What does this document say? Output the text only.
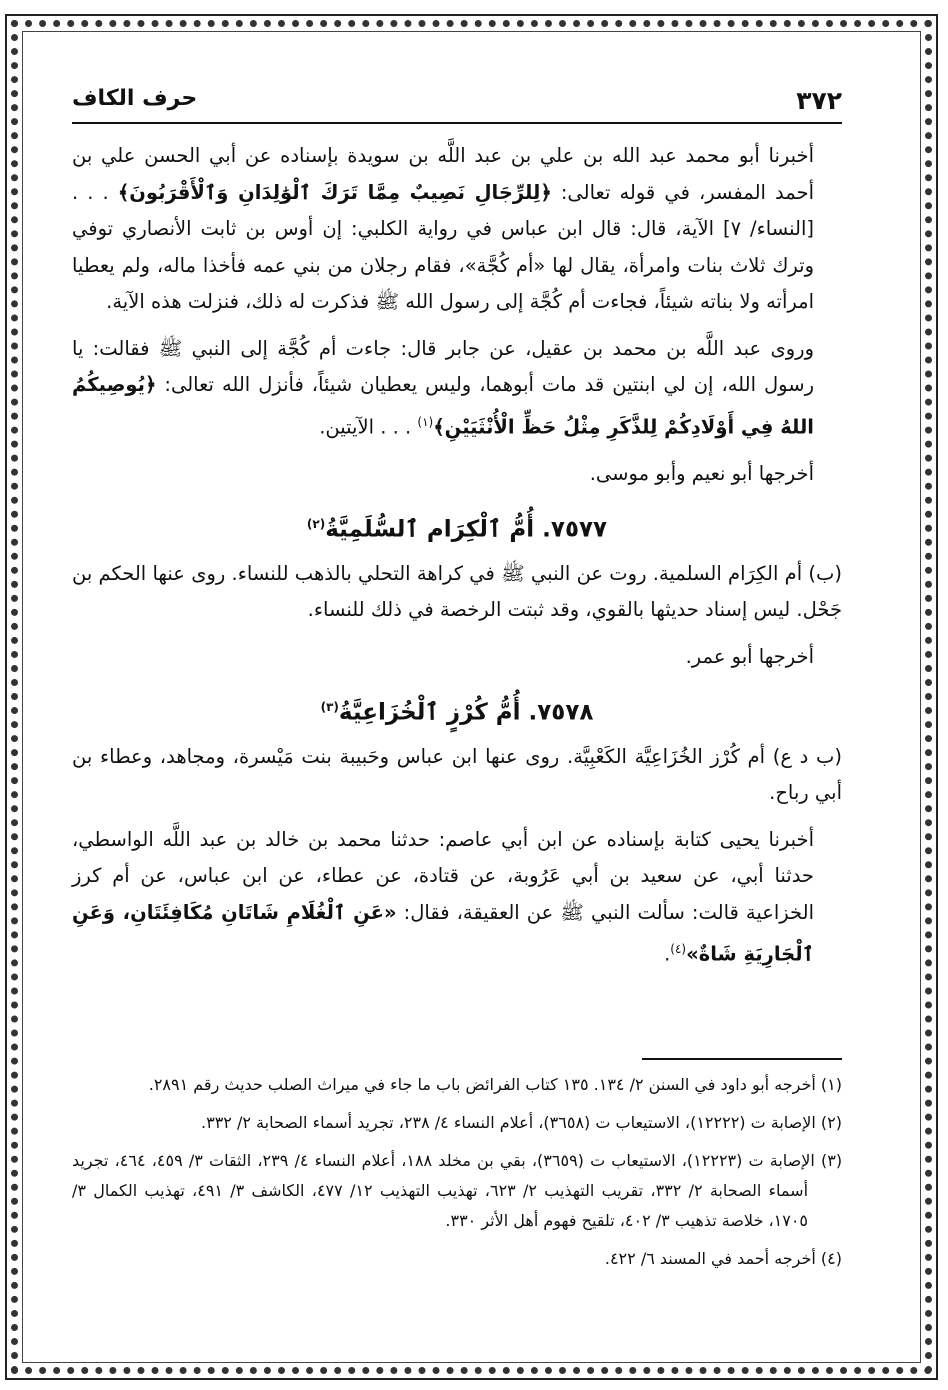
٣٧٢
حرف الكاف

أخبرنا أبو محمد عبد الله بن علي بن عبد اللَّه بن سويدة بإسناده عن أبي الحسن علي بن أحمد المفسر، في قوله تعالى: ﴿لِلرِّجَالِ نَصِيبٌ مِمَّا تَرَكَ ٱلْوَٰلِدَانِ وَٱلْأَقْرَبُونَ﴾ . . . [النساء/ ٧] الآية، قال: قال ابن عباس في رواية الكلبي: إن أوس بن ثابت الأنصاري توفي وترك ثلاث بنات وامرأة، يقال لها «أم كُجَّة»، فقام رجلان من بني عمه فأخذا ماله، ولم يعطيا امرأته ولا بناته شيئاً، فجاءت أم كُجَّة إلى رسول الله ﷺ فذكرت له ذلك، فنزلت هذه الآية.

وروى عبد اللَّه بن محمد بن عقيل، عن جابر قال: جاءت أم كُجَّة إلى النبي ﷺ فقالت: يا رسول الله، إن لي ابنتين قد مات أبوهما، وليس يعطيان شيئاً، فأنزل الله تعالى: ﴿يُوصِيكُمُ اللهُ فِي أَوْلَادِكُمْ لِلذَّكَرِ مِثْلُ حَظِّ الْأُنْثَيَيْنِ﴾$^{(١)}$ . . . الآيتين.

أخرجها أبو نعيم وأبو موسى.

٧٥٧٧. أُمُّ ٱلْكِرَام ٱلسُّلَمِيَّةُ$^{(٢)}$

(ب) أم الكِرَام السلمية. روت عن النبي ﷺ في كراهة التحلي بالذهب للنساء. روى عنها الحكم بن جَحْل. ليس إسناد حديثها بالقوي، وقد ثبتت الرخصة في ذلك للنساء.

أخرجها أبو عمر.

٧٥٧٨. أُمُّ كُرْزٍ ٱلْخُزَاعِيَّةُ$^{(٣)}$

(ب د ع) أم كُرْز الخُزَاعِيَّة الكَعْبِيَّة. روى عنها ابن عباس وحَبيبة بنت مَيْسرة، ومجاهد، وعطاء بن أبي رباح.

أخبرنا يحيى كتابة بإسناده عن ابن أبي عاصم: حدثنا محمد بن خالد بن عبد اللَّه الواسطي، حدثنا أبي، عن سعيد بن أبي عَرُوبة، عن قتادة، عن عطاء، عن ابن عباس، عن أم كرز الخزاعية قالت: سألت النبي ﷺ عن العقيقة، فقال: «عَنِ ٱلْغُلَامِ شَاتَانِ مُكَافِئَتَانِ، وَعَنِ ٱلْجَارِيَةِ شَاةٌ»$^{(٤)}$.

(١) أخرجه أبو داود في السنن ٢/ ١٣٤. ١٣٥ كتاب الفرائض باب ما جاء في ميراث الصلب حديث رقم ٢٨٩١.

(٢) الإصابة ت (١٢٢٢٢)، الاستيعاب ت (٣٦٥٨)، أعلام النساء ٤/ ٢٣٨، تجريد أسماء الصحابة ٢/ ٣٣٢.

(٣) الإصابة ت (١٢٢٢٣)، الاستيعاب ت (٣٦٥٩)، بقي بن مخلد ١٨٨، أعلام النساء ٤/ ٢٣٩، الثقات ٣/ ٤٥٩، ٤٦٤، تجريد أسماء الصحابة ٢/ ٣٣٢، تقريب التهذيب ٢/ ٦٢٣، تهذيب التهذيب ١٢/ ٤٧٧، الكاشف ٣/ ٤٩١، تهذيب الكمال ٣/ ١٧٠٥، خلاصة تذهيب ٣/ ٤٠٢، تلقيح فهوم أهل الأثر ٣٣٠.

(٤) أخرجه أحمد في المسند ٦/ ٤٢٢.
